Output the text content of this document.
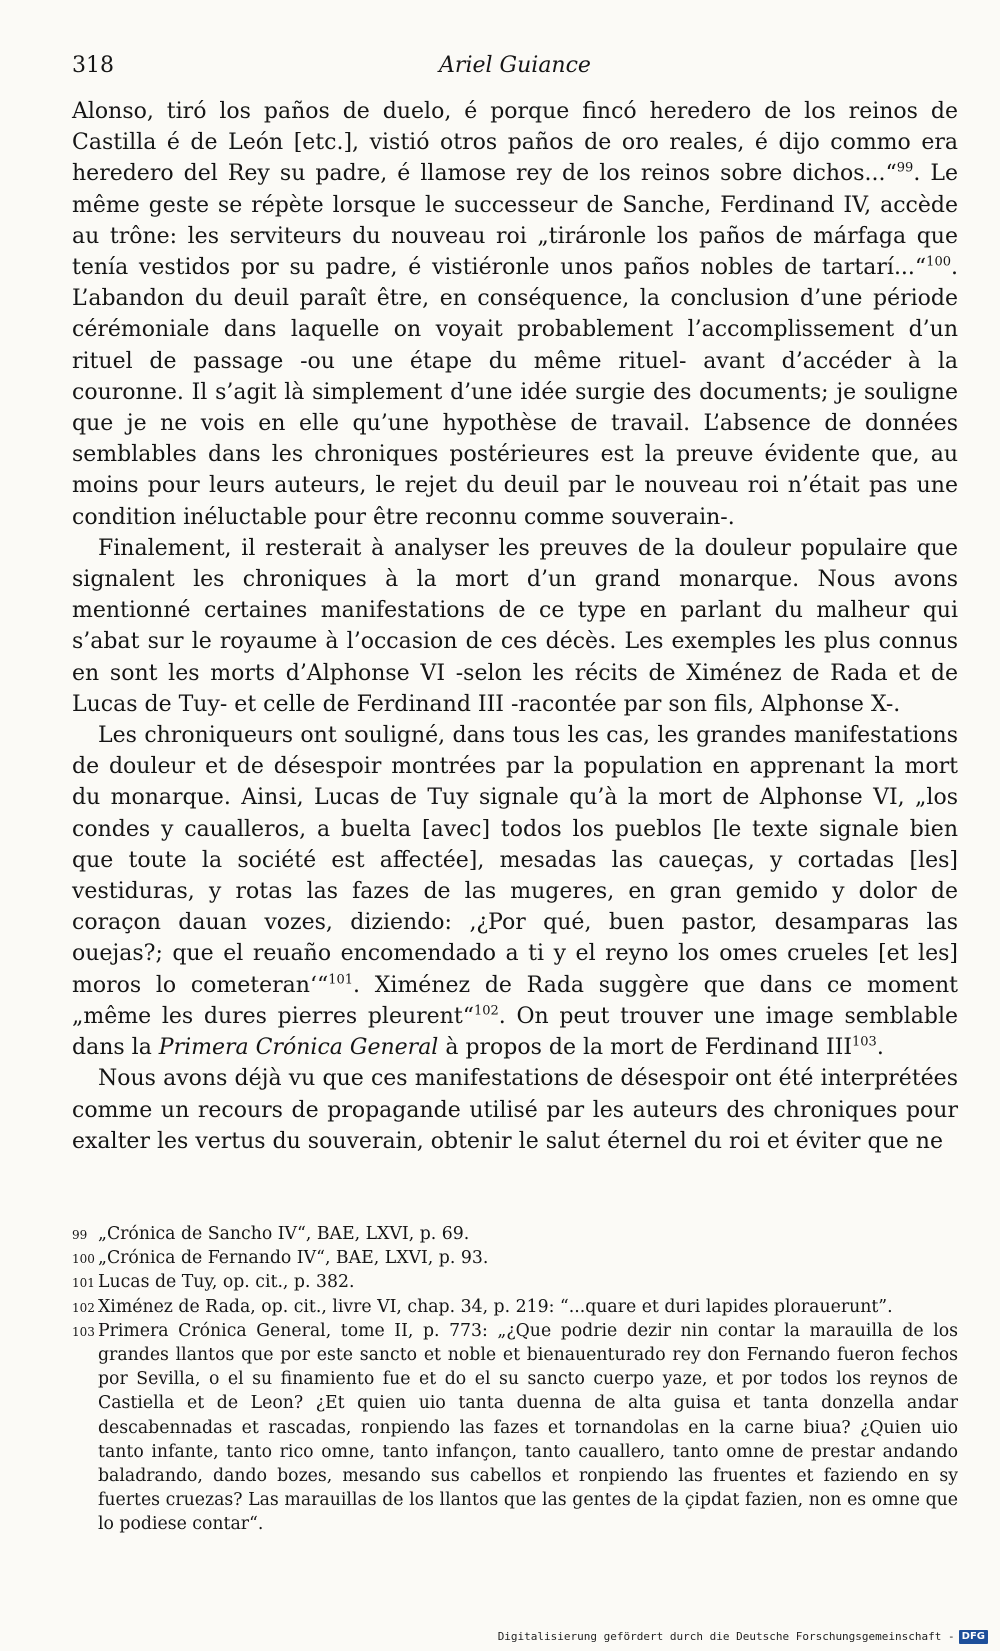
318	Ariel Guiance

Alonso, tiró los paños de duelo, é porque fincó heredero de los reinos de Castilla é de León [etc.], vistió otros paños de oro reales, é dijo commo era heredero del Rey su padre, é llamose rey de los reinos sobre dichos...“$^{99}$. Le même geste se répète lorsque le successeur de Sanche, Ferdinand IV, accède au trône: les serviteurs du nouveau roi „tiráronle los paños de márfaga que tenía vestidos por su padre, é vistiéronle unos paños nobles de tartarí...“$^{100}$. L’abandon du deuil paraît être, en conséquence, la conclusion d’une période cérémoniale dans laquelle on voyait probablement l’accomplissement d’un rituel de passage -ou une étape du même rituel- avant d’accéder à la couronne. Il s’agit là simplement d’une idée surgie des documents; je souligne que je ne vois en elle qu’une hypothèse de travail. L’absence de données semblables dans les chroniques postérieures est la preuve évidente que, au moins pour leurs auteurs, le rejet du deuil par le nouveau roi n’était pas une condition inéluctable pour être reconnu comme souverain-.

Finalement, il resterait à analyser les preuves de la douleur populaire que signalent les chroniques à la mort d’un grand monarque. Nous avons mentionné certaines manifestations de ce type en parlant du malheur qui s’abat sur le royaume à l’occasion de ces décès. Les exemples les plus connus en sont les morts d’Alphonse VI -selon les récits de Ximénez de Rada et de Lucas de Tuy- et celle de Ferdinand III -racontée par son fils, Alphonse X-.

Les chroniqueurs ont souligné, dans tous les cas, les grandes manifestations de douleur et de désespoir montrées par la population en apprenant la mort du monarque. Ainsi, Lucas de Tuy signale qu’à la mort de Alphonse VI, „los condes y caualleros, a buelta [avec] todos los pueblos [le texte signale bien que toute la société est affectée], mesadas las caueças, y cortadas [les] vestiduras, y rotas las fazes de las mugeres, en gran gemido y dolor de coraçon dauan vozes, diziendo: ‚¿Por qué, buen pastor, desamparas las ouejas?; que el reuaño encomendado a ti y el reyno los omes crueles [et les] moros lo cometeran‘“$^{101}$. Ximénez de Rada suggère que dans ce moment „même les dures pierres pleurent“$^{102}$. On peut trouver une image semblable dans la Primera Crónica General à propos de la mort de Ferdinand III$^{103}$.

Nous avons déjà vu que ces manifestations de désespoir ont été interprétées comme un recours de propagande utilisé par les auteurs des chroniques pour exalter les vertus du souverain, obtenir le salut éternel du roi et éviter que ne

99 „Crónica de Sancho IV“, BAE, LXVI, p. 69.
100 „Crónica de Fernando IV“, BAE, LXVI, p. 93.
101 Lucas de Tuy, op. cit., p. 382.
102 Ximénez de Rada, op. cit., livre VI, chap. 34, p. 219: “...quare et duri lapides plorauerunt”.
103 Primera Crónica General, tome II, p. 773: „¿Que podrie dezir nin contar la marauilla de los grandes llantos que por este sancto et noble et bienauenturado rey don Fernando fueron fechos por Sevilla, o el su finamiento fue et do el su sancto cuerpo yaze, et por todos los reynos de Castiella et de Leon? ¿Et quien uio tanta duenna de alta guisa et tanta donzella andar descabennadas et rascadas, ronpiendo las fazes et tornandolas en la carne biua? ¿Quien uio tanto infante, tanto rico omne, tanto infançon, tanto cauallero, tanto omne de prestar andando baladrando, dando bozes, mesando sus cabellos et ronpiendo las fruentes et faziendo en sy fuertes cruezas? Las marauillas de los llantos que las gentes de la çipdat fazien, non es omne que lo podiese contar“.
Digitalisierung gefördert durch die Deutsche Forschungsgemeinschaft - DFG
